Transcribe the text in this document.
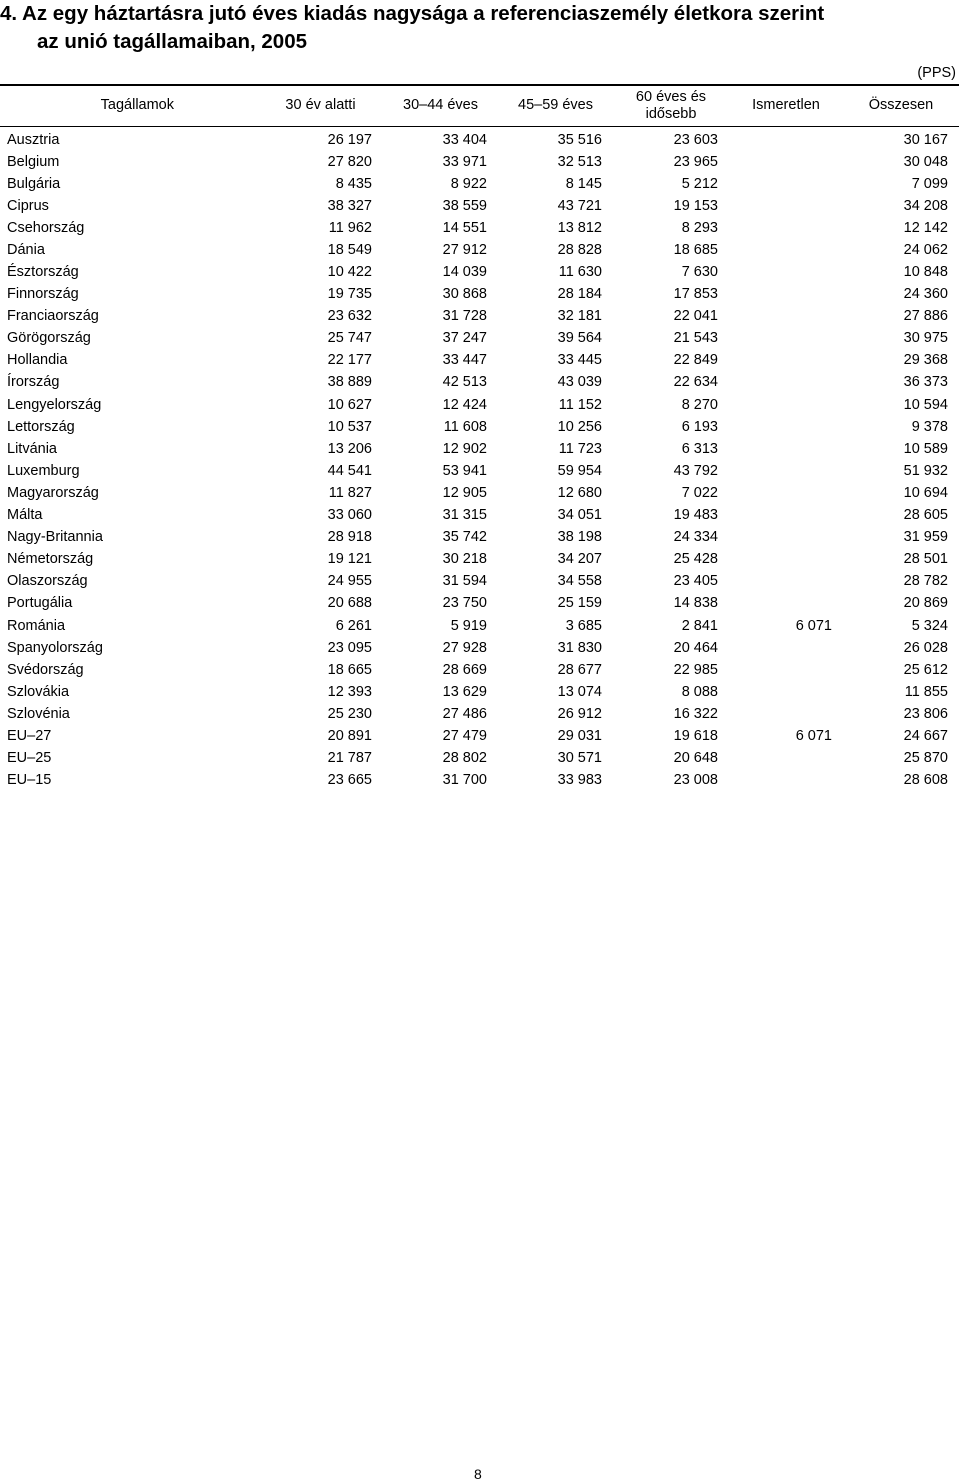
4. Az egy háztartásra jutó éves kiadás nagysága a referenciaszemély életkora szerint
az unió tagállamaiban, 2005
(PPS)
Tagállamok	30 év alatti	30–44 éves	45–59 éves	60 éves és
idősebb	Ismeretlen	Összesen
Ausztria	26 197	33 404	35 516	23 603		30 167
Belgium	27 820	33 971	32 513	23 965		30 048
Bulgária	8 435	8 922	8 145	5 212		7 099
Ciprus	38 327	38 559	43 721	19 153		34 208
Csehország	11 962	14 551	13 812	8 293		12 142
Dánia	18 549	27 912	28 828	18 685		24 062
Észtország	10 422	14 039	11 630	7 630		10 848
Finnország	19 735	30 868	28 184	17 853		24 360
Franciaország	23 632	31 728	32 181	22 041		27 886
Görögország	25 747	37 247	39 564	21 543		30 975
Hollandia	22 177	33 447	33 445	22 849		29 368
Írország	38 889	42 513	43 039	22 634		36 373
Lengyelország	10 627	12 424	11 152	8 270		10 594
Lettország	10 537	11 608	10 256	6 193		9 378
Litvánia	13 206	12 902	11 723	6 313		10 589
Luxemburg	44 541	53 941	59 954	43 792		51 932
Magyarország	11 827	12 905	12 680	7 022		10 694
Málta	33 060	31 315	34 051	19 483		28 605
Nagy-Britannia	28 918	35 742	38 198	24 334		31 959
Németország	19 121	30 218	34 207	25 428		28 501
Olaszország	24 955	31 594	34 558	23 405		28 782
Portugália	20 688	23 750	25 159	14 838		20 869
Románia	6 261	5 919	3 685	2 841	6 071	5 324
Spanyolország	23 095	27 928	31 830	20 464		26 028
Svédország	18 665	28 669	28 677	22 985		25 612
Szlovákia	12 393	13 629	13 074	8 088		11 855
Szlovénia	25 230	27 486	26 912	16 322		23 806
EU–27	20 891	27 479	29 031	19 618	6 071	24 667
EU–25	21 787	28 802	30 571	20 648		25 870
EU–15	23 665	31 700	33 983	23 008		28 608
8
